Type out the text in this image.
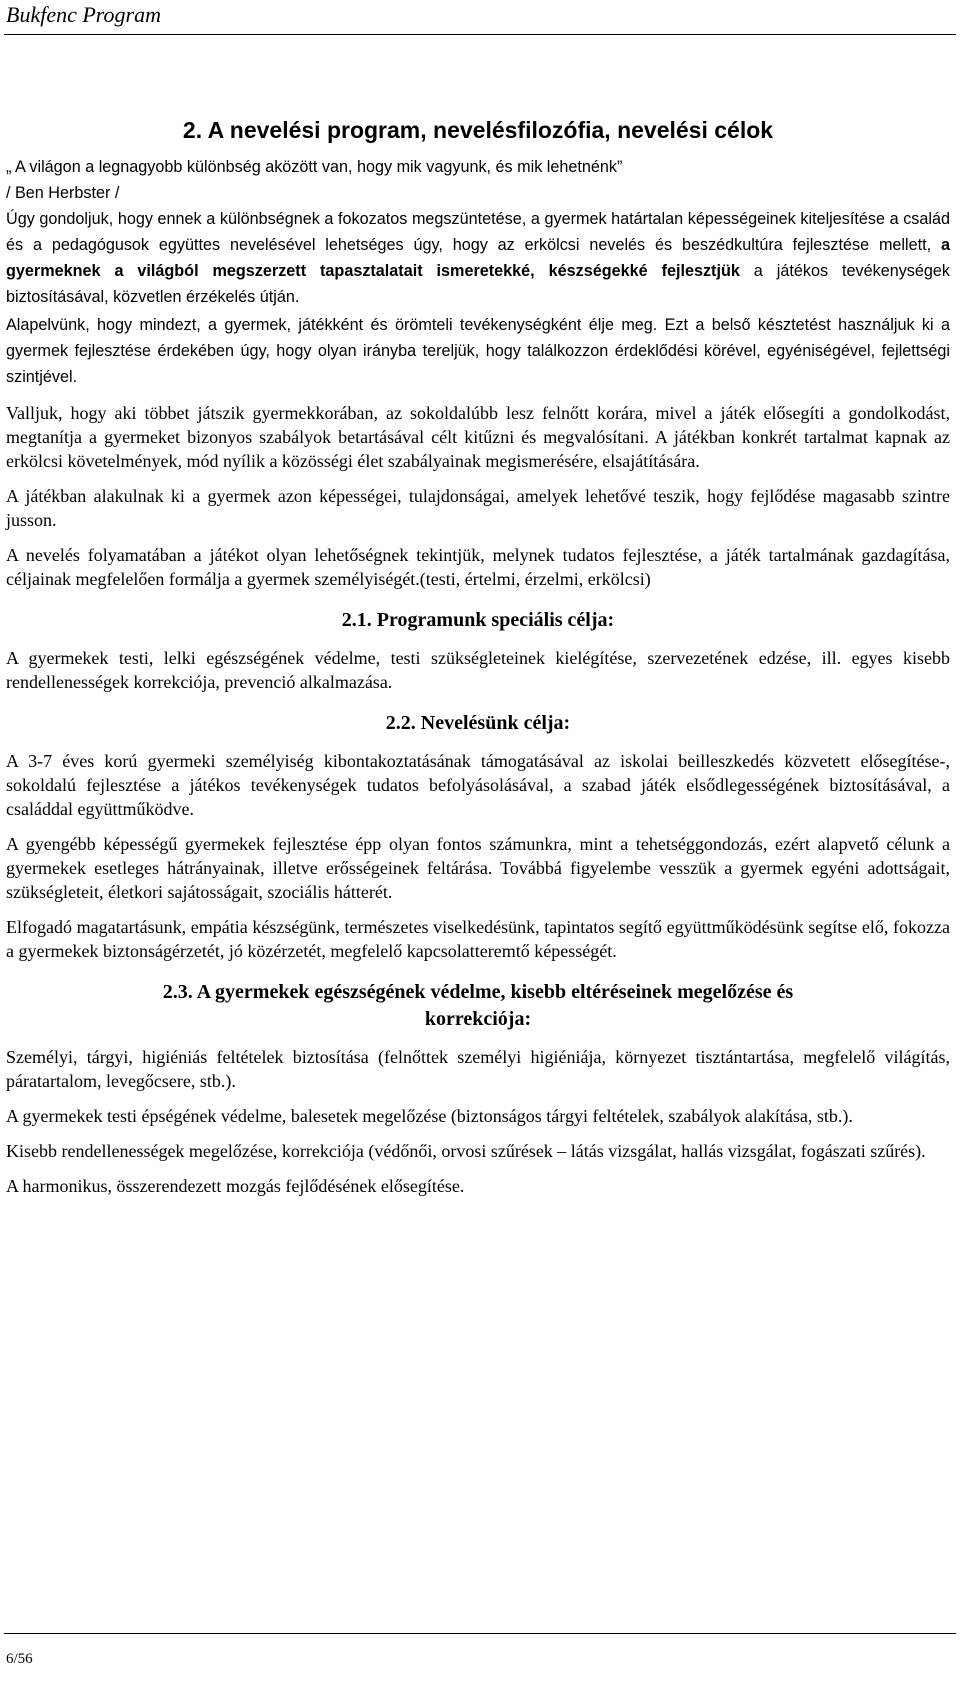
Bukfenc Program
2. A nevelési program, nevelésfilozófia, nevelési célok
„ A világon a legnagyobb különbség aközött van, hogy mik vagyunk, és mik lehetnénk”
/ Ben Herbster /
Úgy gondoljuk, hogy ennek a különbségnek a fokozatos megszüntetése, a gyermek határtalan képességeinek kiteljesítése a család és a pedagógusok együttes nevelésével lehetséges úgy, hogy az erkölcsi nevelés és beszédkultúra fejlesztése mellett, a gyermeknek a világból megszerzett tapasztalatait ismeretekké, készségekké fejlesztjük a játékos tevékenységek biztosításával, közvetlen érzékelés útján.
Alapelvünk, hogy mindezt, a gyermek, játékként és örömteli tevékenységként élje meg. Ezt a belső késztetést használjuk ki a gyermek fejlesztése érdekében úgy, hogy olyan irányba tereljük, hogy találkozzon érdeklődési körével, egyéniségével, fejlettségi szintjével.
Valljuk, hogy aki többet játszik gyermekkorában, az sokoldalúbb lesz felnőtt korára, mivel a játék elősegíti a gondolkodást, megtanítja a gyermeket bizonyos szabályok betartásával célt kitűzni és megvalósítani. A játékban konkrét tartalmat kapnak az erkölcsi követelmények, mód nyílik a közösségi élet szabályainak megismerésére, elsajátítására.
A játékban alakulnak ki a gyermek azon képességei, tulajdonságai, amelyek lehetővé teszik, hogy fejlődése magasabb szintre jusson.
A nevelés folyamatában a játékot olyan lehetőségnek tekintjük, melynek tudatos fejlesztése, a játék tartalmának gazdagítása, céljainak megfelelően formálja a gyermek személyiségét.(testi, értelmi, érzelmi, erkölcsi)
2.1. Programunk speciális célja:
A gyermekek testi, lelki egészségének védelme, testi szükségleteinek kielégítése, szervezetének edzése, ill. egyes kisebb rendellenességek korrekciója, prevenció alkalmazása.
2.2. Nevelésünk célja:
A 3-7 éves korú gyermeki személyiség kibontakoztatásának támogatásával az iskolai beilleszkedés közvetett elősegítése-, sokoldalú fejlesztése a játékos tevékenységek tudatos befolyásolásával, a szabad játék elsődlegességének biztosításával, a családdal együttműködve.
A gyengébb képességű gyermekek fejlesztése épp olyan fontos számunkra, mint a tehetséggondozás, ezért alapvető célunk a gyermekek esetleges hátrányainak, illetve erősségeinek feltárása. Továbbá figyelembe vesszük a gyermek egyéni adottságait, szükségleteit, életkori sajátosságait, szociális hátterét.
Elfogadó magatartásunk, empátia készségünk, természetes viselkedésünk, tapintatos segítő együttműködésünk segítse elő, fokozza a gyermekek biztonságérzetét, jó közérzetét, megfelelő kapcsolatteremtő képességét.
2.3. A gyermekek egészségének védelme, kisebb eltéréseinek megelőzése és
korrekciója:
Személyi, tárgyi, higiéniás feltételek biztosítása (felnőttek személyi higiéniája, környezet tisztántartása, megfelelő világítás, páratartalom, levegőcsere, stb.).
A gyermekek testi épségének védelme, balesetek megelőzése (biztonságos tárgyi feltételek, szabályok alakítása, stb.).
Kisebb rendellenességek megelőzése, korrekciója (védőnői, orvosi szűrések – látás vizsgálat, hallás vizsgálat, fogászati szűrés).
A harmonikus, összerendezett mozgás fejlődésének elősegítése.
6/56
